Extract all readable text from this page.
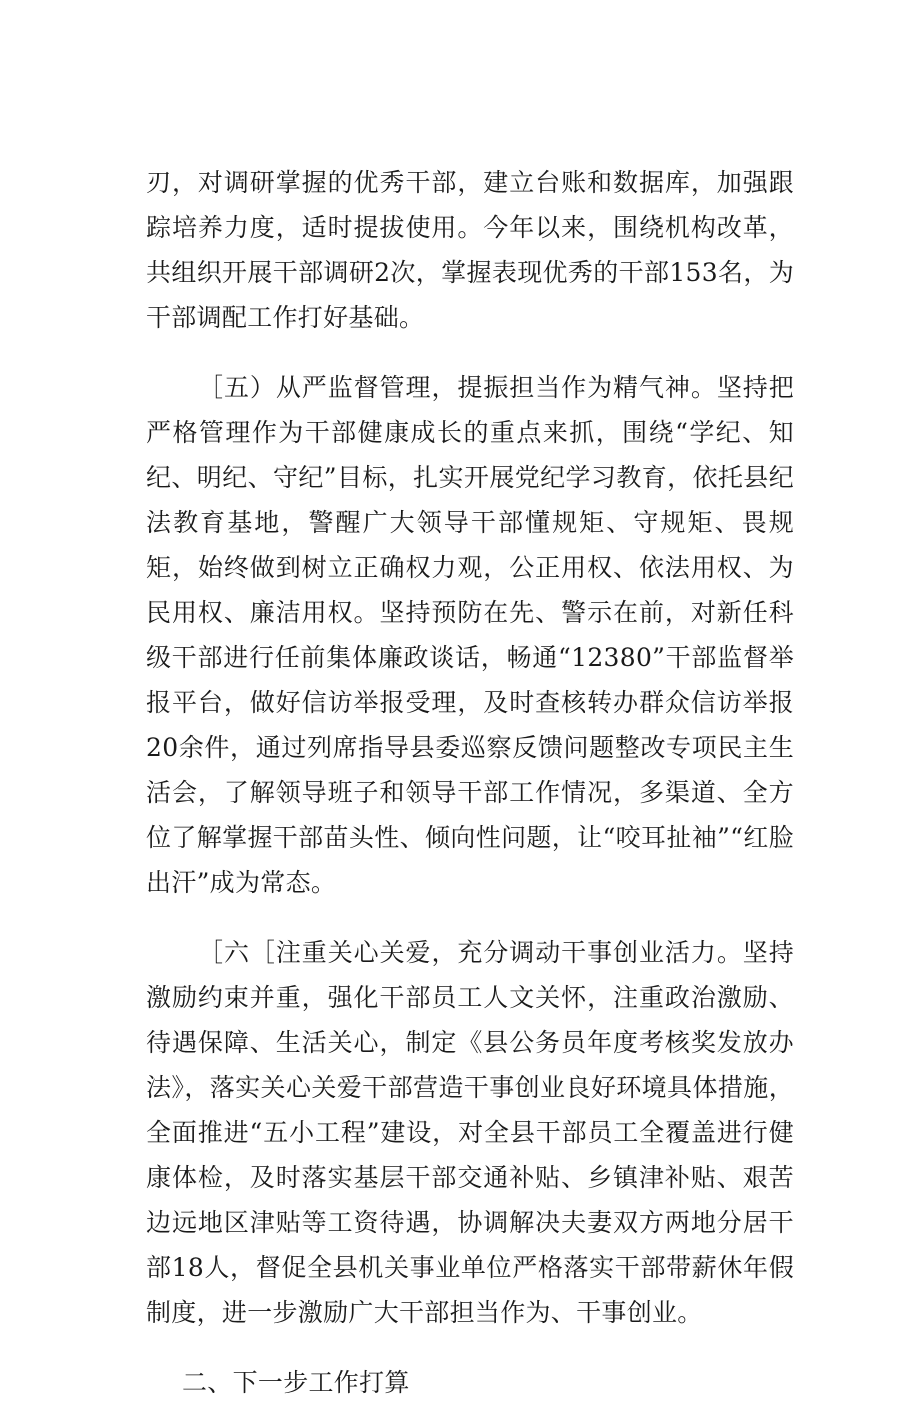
刃，对调研掌握的优秀干部，建立台账和数据库，加强跟踪培养力度，适时提拔使用。今年以来，围绕机构改革，共组织开展干部调研2次，掌握表现优秀的干部153名，为干部调配工作打好基础。

［五）从严监督管理，提振担当作为精气神。坚持把严格管理作为干部健康成长的重点来抓，围绕“学纪、知纪、明纪、守纪”目标，扎实开展党纪学习教育，依托县纪法教育基地，警醒广大领导干部懂规矩、守规矩、畏规矩，始终做到树立正确权力观，公正用权、依法用权、为民用权、廉洁用权。坚持预防在先、警示在前，对新任科级干部进行任前集体廉政谈话，畅通“12380”干部监督举报平台，做好信访举报受理，及时查核转办群众信访举报20余件，通过列席指导县委巡察反馈问题整改专项民主生活会，了解领导班子和领导干部工作情况，多渠道、全方位了解掌握干部苗头性、倾向性问题，让“咬耳扯袖”“红脸出汗”成为常态。

［六［注重关心关爱，充分调动干事创业活力。坚持激励约束并重，强化干部员工人文关怀，注重政治激励、待遇保障、生活关心，制定《县公务员年度考核奖发放办法》，落实关心关爱干部营造干事创业良好环境具体措施，全面推进“五小工程”建设，对全县干部员工全覆盖进行健康体检，及时落实基层干部交通补贴、乡镇津补贴、艰苦边远地区津贴等工资待遇，协调解决夫妻双方两地分居干部18人，督促全县机关事业单位严格落实干部带薪休年假制度，进一步激励广大干部担当作为、干事创业。

二、下一步工作打算
